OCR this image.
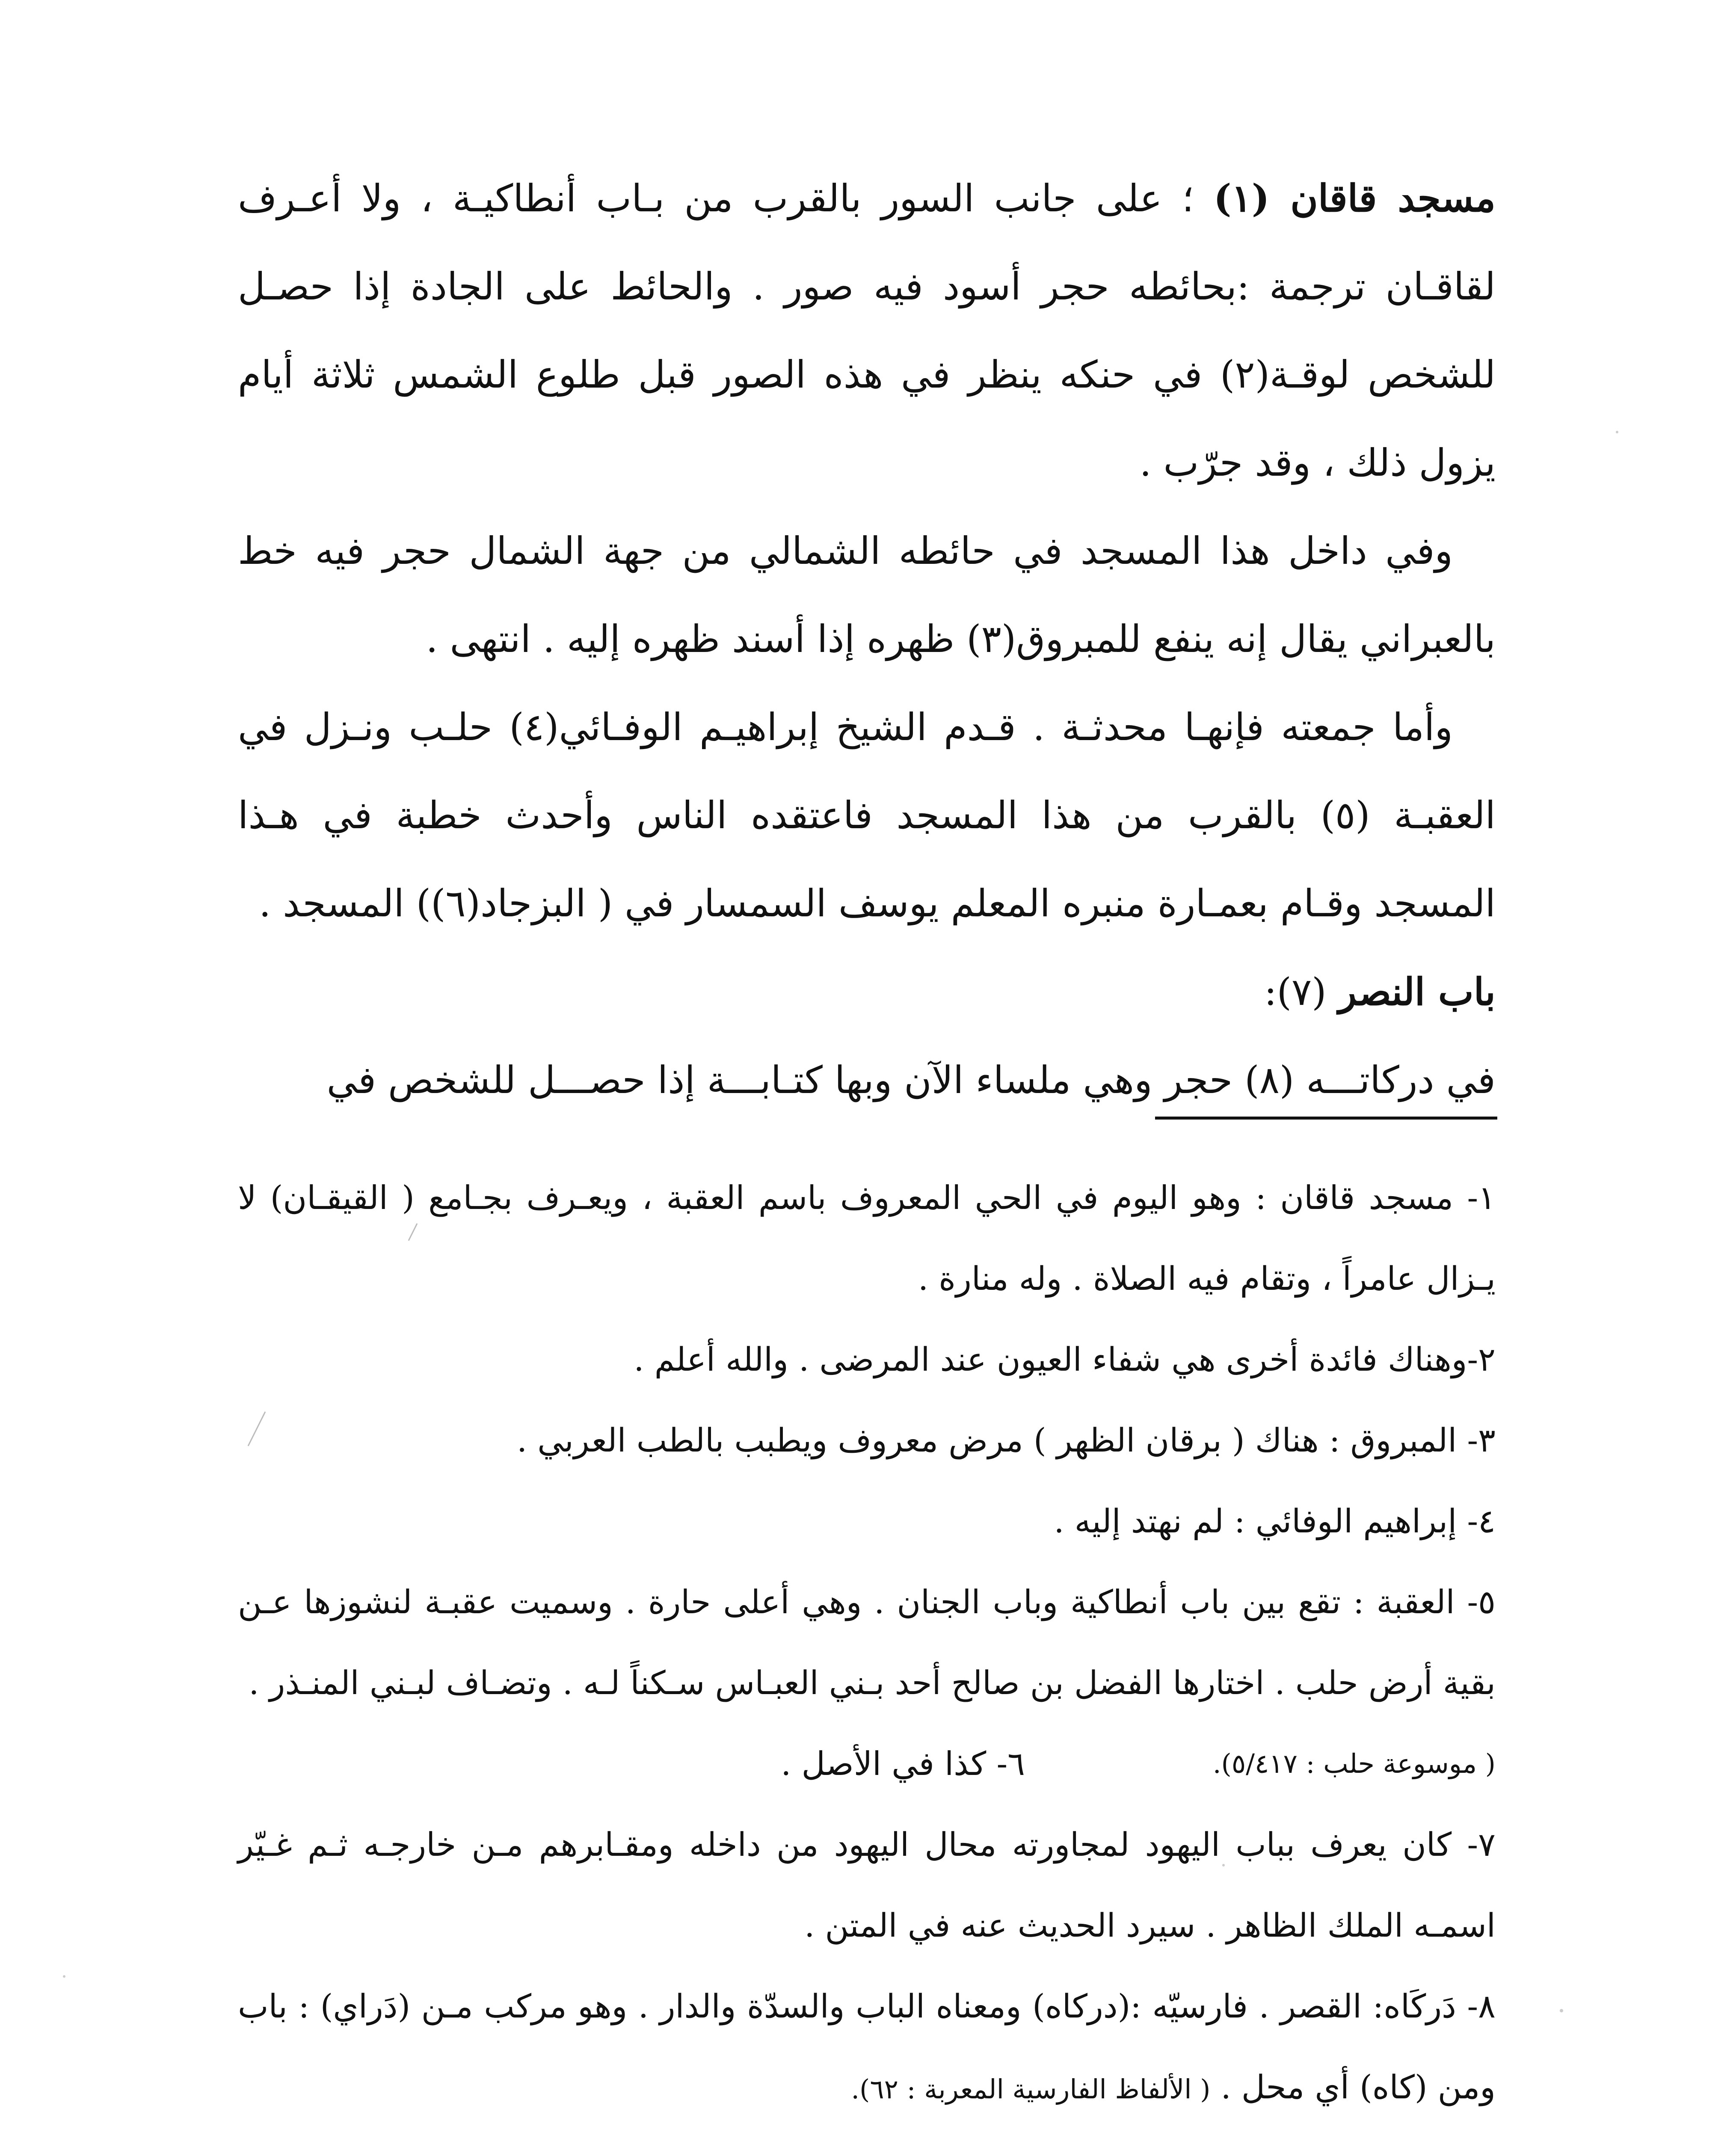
مسجد قاقان (١) ؛ على جانب السور بالقرب من بـاب أنطاكيـة ، ولا أعـرف لقاقـان ترجمة :بحائطه حجر أسود فيه صور . والحائط على الجادة إذا حصـل للشخص لوقـة(٢) في حنكه ينظر في هذه الصور قبل طلوع الشمس ثلاثة أيام يزول ذلك ، وقد جرّب .

وفي داخل هذا المسجد في حائطه الشمالي من جهة الشمال حجر فيه خط بالعبراني يقال إنه ينفع للمبروق(٣) ظهره إذا أسند ظهره إليه . انتهى .

وأما جمعته فإنهـا محدثـة . قـدم الشيخ إبراهيـم الوفـائي(٤) حلـب ونـزل في العقبـة (٥) بالقرب من هذا المسجد فاعتقده الناس وأحدث خطبة في هـذا المسجد وقـام بعمـارة منبره المعلم يوسف السمسار في ( البزجاد(٦)) المسجد .

باب النصر (٧):

في دركاتـــه (٨) حجر وهي ملساء الآن وبها كتـابـــة إذا حصـــل للشخص في

١- مسجد قاقان : وهو اليوم في الحي المعروف باسم العقبة ، ويعـرف بجـامع ( القيقـان) لا يـزال عامراً ، وتقام فيه الصلاة . وله منارة .

٢-وهناك فائدة أخرى هي شفاء العيون عند المرضى . والله أعلم .

٣- المبروق : هناك ( برقان الظهر ) مرض معروف ويطبب بالطب العربي .

٤- إبراهيم الوفائي : لم نهتد إليه .

٥- العقبة : تقع بين باب أنطاكية وباب الجنان . وهي أعلى حارة . وسميت عقبـة لنشوزها عـن بقية أرض حلب . اختارها الفضل بن صالح أحد بـني العبـاس سـكناً لـه . وتضـاف لبـني المنـذر .

( موسوعة حلب : ٥/٤١٧).
٦- كذا في الأصل .

٧- كان يعرف بباب اليهود لمجاورته محال اليهود من داخله ومقـابرهم مـن خارجـه ثـم غـيّر اسمـه الملك الظاهر . سيرد الحديث عنه في المتن .

٨- دَركَاه: القصر . فارسيّه :(دركاه) ومعناه الباب والسدّة والدار . وهو مركب مـن (دَراي) : باب ومن (كاه) أي محل . ( الألفاظ الفارسية المعربة : ٦٢).
